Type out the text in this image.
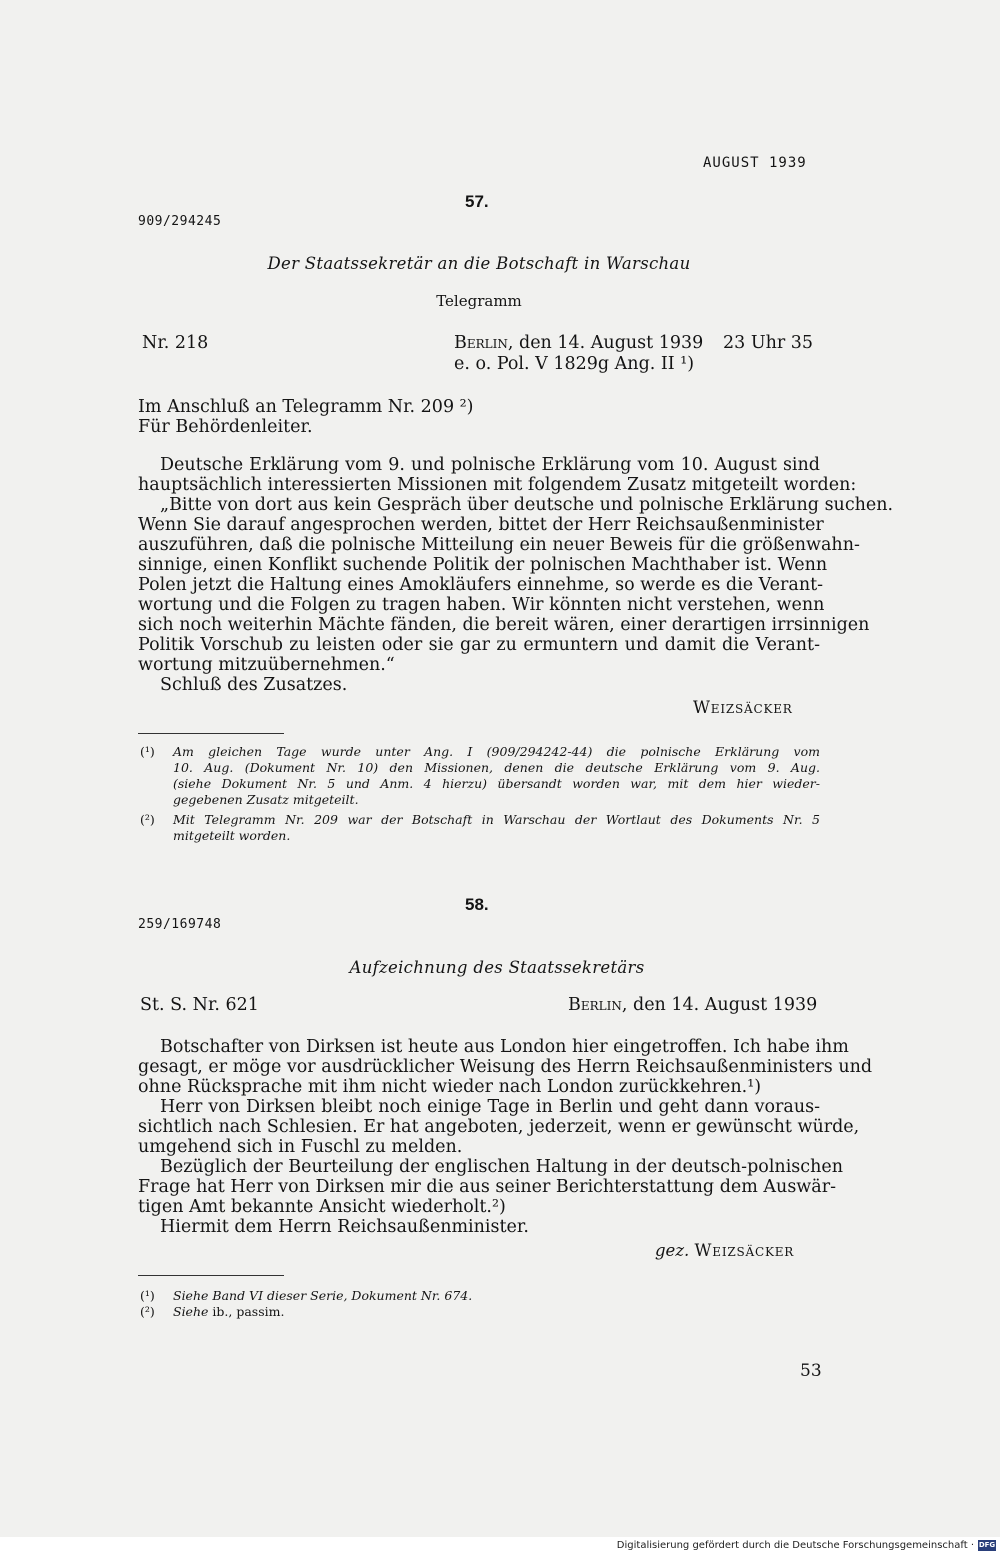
AUGUST 1939
57.
909/294245
Der Staatssekretär an die Botschaft in Warschau
Telegramm
Nr. 218	Berlin, den 14. August 1939 23 Uhr 35
e. o. Pol. V 1829g Ang. II ¹)
Im Anschluß an Telegramm Nr. 209 ²)
Für Behördenleiter.
Deutsche Erklärung vom 9. und polnische Erklärung vom 10. August sind
hauptsächlich interessierten Missionen mit folgendem Zusatz mitgeteilt worden:
„Bitte von dort aus kein Gespräch über deutsche und polnische Erklärung suchen.
Wenn Sie darauf angesprochen werden, bittet der Herr Reichsaußenminister
auszuführen, daß die polnische Mitteilung ein neuer Beweis für die größenwahn-
sinnige, einen Konflikt suchende Politik der polnischen Machthaber ist. Wenn
Polen jetzt die Haltung eines Amokläufers einnehme, so werde es die Verant-
wortung und die Folgen zu tragen haben. Wir könnten nicht verstehen, wenn
sich noch weiterhin Mächte fänden, die bereit wären, einer derartigen irrsinnigen
Politik Vorschub zu leisten oder sie gar zu ermuntern und damit die Verant-
wortung mitzuübernehmen.“
Schluß des Zusatzes.
Weizsäcker
(¹) Am gleichen Tage wurde unter Ang. I (909/294242-44) die polnische Erklärung vom
10. Aug. (Dokument Nr. 10) den Missionen, denen die deutsche Erklärung vom 9. Aug.
(siehe Dokument Nr. 5 und Anm. 4 hierzu) übersandt worden war, mit dem hier wieder-
gegebenen Zusatz mitgeteilt.
(²) Mit Telegramm Nr. 209 war der Botschaft in Warschau der Wortlaut des Dokuments Nr. 5
mitgeteilt worden.
58.
259/169748
Aufzeichnung des Staatssekretärs
St. S. Nr. 621	Berlin, den 14. August 1939
Botschafter von Dirksen ist heute aus London hier eingetroffen. Ich habe ihm
gesagt, er möge vor ausdrücklicher Weisung des Herrn Reichsaußenministers und
ohne Rücksprache mit ihm nicht wieder nach London zurückkehren.¹)
Herr von Dirksen bleibt noch einige Tage in Berlin und geht dann voraus-
sichtlich nach Schlesien. Er hat angeboten, jederzeit, wenn er gewünscht würde,
umgehend sich in Fuschl zu melden.
Bezüglich der Beurteilung der englischen Haltung in der deutsch-polnischen
Frage hat Herr von Dirksen mir die aus seiner Berichterstattung dem Auswär-
tigen Amt bekannte Ansicht wiederholt.²)
Hiermit dem Herrn Reichsaußenminister.
gez. Weizsäcker
(¹) Siehe Band VI dieser Serie, Dokument Nr. 674.
(²) Siehe ib., passim.
53
Digitalisierung gefördert durch die Deutsche Forschungsgemeinschaft · DFG
